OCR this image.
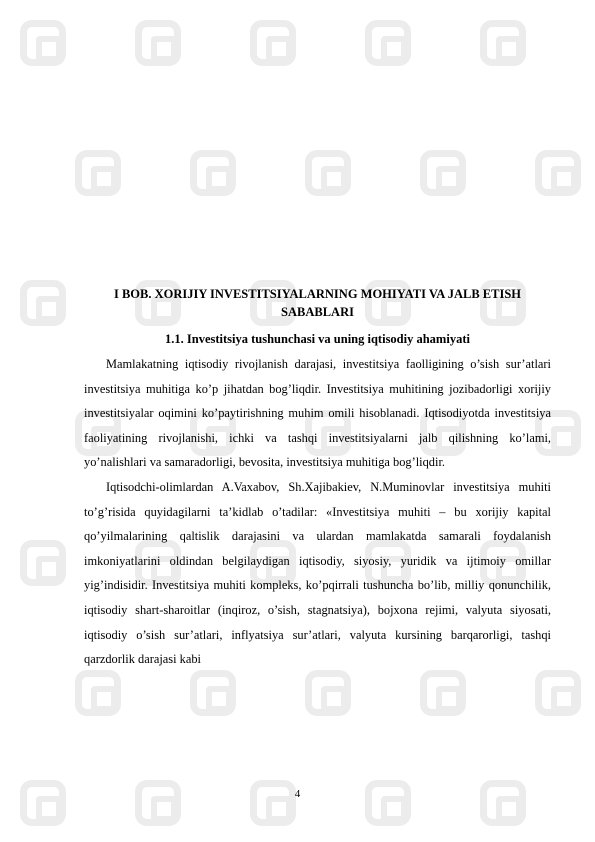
I BOB. XORIJIY INVESTITSIYALARNING MOHIYATI VA JALB ETISH SABABLARI
1.1. Investitsiya tushunchasi va uning iqtisodiy ahamiyati

Mamlakatning iqtisodiy rivojlanish darajasi, investitsiya faolligining o’sish sur’atlari investitsiya muhitiga ko’p jihatdan bog’liqdir. Investitsiya muhitining jozibadorligi xorijiy investitsiyalar oqimini ko’paytirishning muhim omili hisoblanadi. Iqtisodiyotda investitsiya faoliyatining rivojlanishi, ichki va tashqi investitsiyalarni jalb qilishning ko’lami, yo’nalishlari va samaradorligi, bevosita, investitsiya muhitiga bog’liqdir.

Iqtisodchi-olimlardan A.Vaxabov, Sh.Xajibakiev, N.Muminovlar investitsiya muhiti to’g’risida quyidagilarni ta’kidlab o’tadilar: «Investitsiya muhiti – bu xorijiy kapital qo’yilmalarining qaltislik darajasini va ulardan mamlakatda samarali foydalanish imkoniyatlarini oldindan belgilaydigan iqtisodiy, siyosiy, yuridik va ijtimoiy omillar yig’indisidir. Investitsiya muhiti kompleks, ko’pqirrali tushuncha bo’lib, milliy qonunchilik, iqtisodiy shart-sharoitlar (inqiroz, o’sish, stagnatsiya), bojxona rejimi, valyuta siyosati, iqtisodiy o’sish sur’atlari, inflyatsiya sur’atlari, valyuta kursining barqarorligi, tashqi qarzdorlik darajasi kabi

4
